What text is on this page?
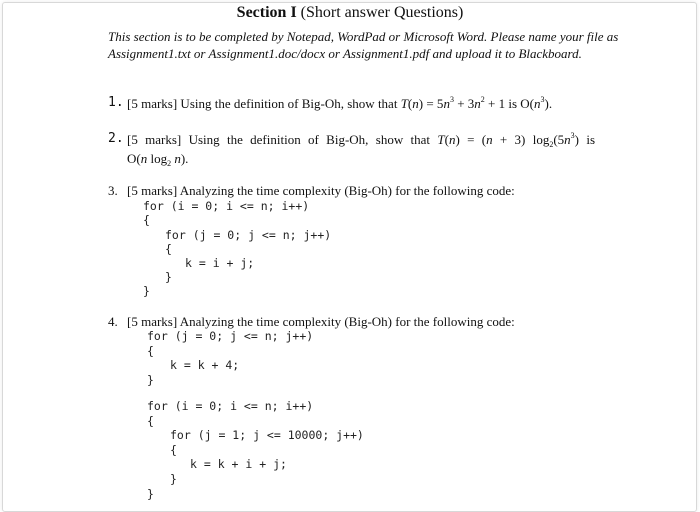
Section I (Short answer Questions)
This section is to be completed by Notepad, WordPad or Microsoft Word. Please name your file as Assignment1.txt or Assignment1.doc/docx or Assignment1.pdf and upload it to Blackboard.
1. [5 marks] Using the definition of Big-Oh, show that $T(n) = 5n^3 + 3n^2 + 1$ is $O(n^3)$.
2. [5 marks] Using the definition of Big-Oh, show that T(n) = (n + 3) $\log_2(5n^3)$ is
O(n $\log_2 n$).
3. [5 marks] Analyzing the time complexity (Big-Oh) for the following code:
for (i = 0; i <= n; i++)
{
for (j = 0; j <= n; j++)
{
k = i + j;
}
}
4. [5 marks] Analyzing the time complexity (Big-Oh) for the following code:
for (j = 0; j <= n; j++)
{
k = k + 4;
}
for (i = 0; i <= n; i++)
{
for (j = 1; j <= 10000; j++)
{
k = k + i + j;
}
}
